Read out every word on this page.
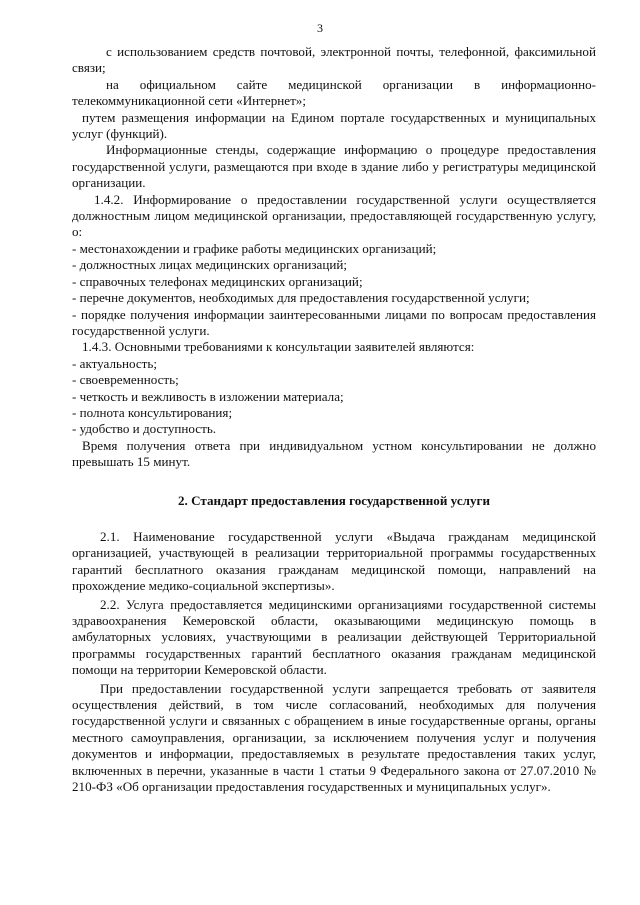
3

с использованием средств почтовой, электронной почты, телефонной, факсимильной связи;

на официальном сайте медицинской организации в информационно-телекоммуникационной сети «Интернет»;

путем размещения информации на Едином портале государственных и муниципальных услуг (функций).

Информационные стенды, содержащие информацию о процедуре предоставления государственной услуги, размещаются при входе в здание либо у регистратуры медицинской организации.

1.4.2. Информирование о предоставлении государственной услуги осуществляется должностным лицом медицинской организации, предоставляющей государственную услугу, о:

- местонахождении и графике работы медицинских организаций;
- должностных лицах медицинских организаций;
- справочных телефонах медицинских организаций;
- перечне документов, необходимых для предоставления государственной услуги;
- порядке получения информации заинтересованными лицами по вопросам предоставления государственной услуги.

1.4.3. Основными требованиями к консультации заявителей являются:

- актуальность;
- своевременность;
- четкость и вежливость в изложении материала;
- полнота консультирования;
- удобство и доступность.

Время получения ответа при индивидуальном устном консультировании не должно превышать 15 минут.

2. Стандарт предоставления государственной услуги

2.1. Наименование государственной услуги «Выдача гражданам медицинской организацией, участвующей в реализации территориальной программы государственных гарантий бесплатного оказания гражданам медицинской помощи, направлений на прохождение медико-социальной экспертизы».

2.2. Услуга предоставляется медицинскими организациями государственной системы здравоохранения Кемеровской области, оказывающими медицинскую помощь в амбулаторных условиях, участвующими в реализации действующей Территориальной программы государственных гарантий бесплатного оказания гражданам медицинской помощи на территории Кемеровской области.

При предоставлении государственной услуги запрещается требовать от заявителя осуществления действий, в том числе согласований, необходимых для получения государственной услуги и связанных с обращением в иные государственные органы, органы местного самоуправления, организации, за исключением получения услуг и получения документов и информации, предоставляемых в результате предоставления таких услуг, включенных в перечни, указанные в части 1 статьи 9 Федерального закона от 27.07.2010 № 210-ФЗ «Об организации предоставления государственных и муниципальных услуг».
